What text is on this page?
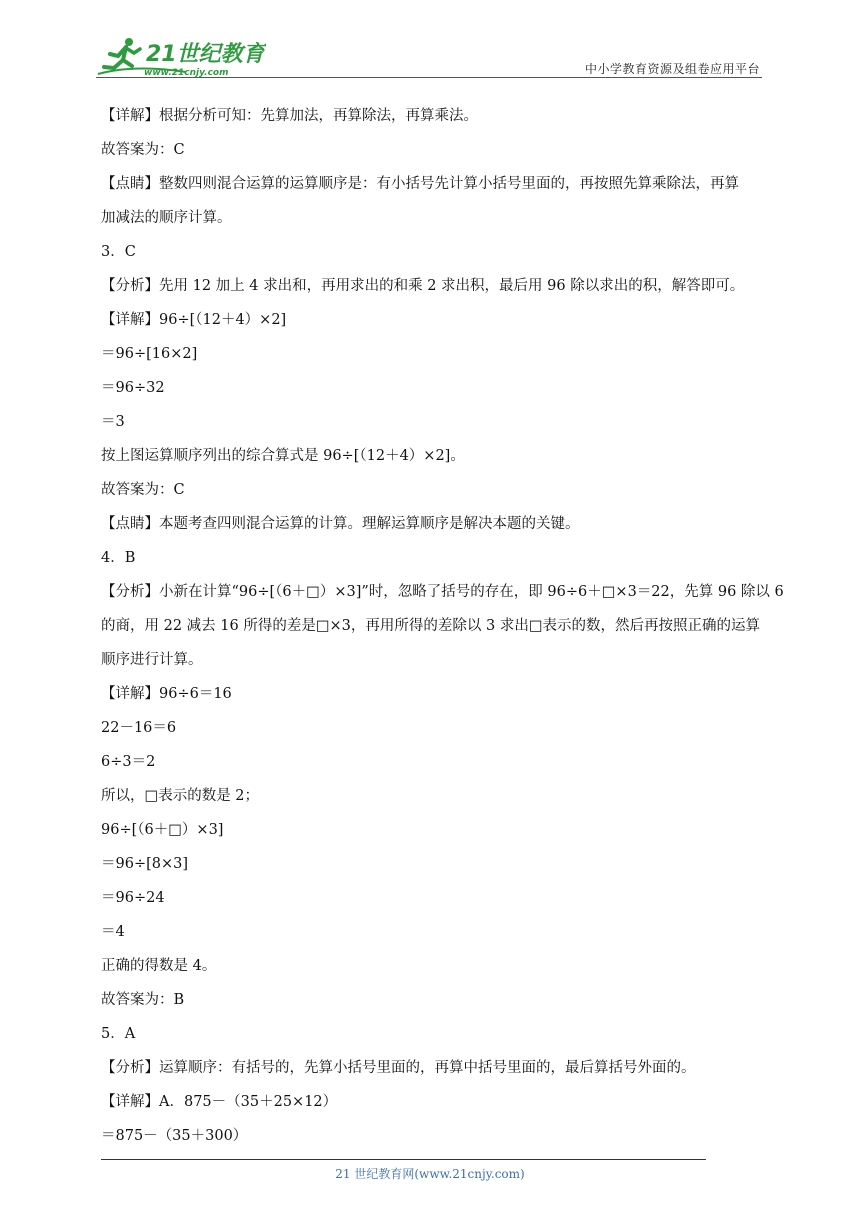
21世纪教育
www.21cnjy.com	中小学教育资源及组卷应用平台
【详解】根据分析可知：先算加法，再算除法，再算乘法。
故答案为：C
【点睛】整数四则混合运算的运算顺序是：有小括号先计算小括号里面的，再按照先算乘除法，再算
加减法的顺序计算。
3．C
【分析】先用 12 加上 4 求出和，再用求出的和乘 2 求出积，最后用 96 除以求出的积，解答即可。
【详解】96÷[（12＋4）×2]
＝96÷[16×2]
＝96÷32
＝3
按上图运算顺序列出的综合算式是 96÷[（12＋4）×2]。
故答案为：C
【点睛】本题考查四则混合运算的计算。理解运算顺序是解决本题的关键。
4．B
【分析】小新在计算“96÷[（6＋□）×3]”时，忽略了括号的存在，即 96÷6＋□×3＝22，先算 96 除以 6
的商，用 22 减去 16 所得的差是□×3，再用所得的差除以 3 求出□表示的数，然后再按照正确的运算
顺序进行计算。
【详解】96÷6＝16
22－16＝6
6÷3＝2
所以，□表示的数是 2；
96÷[（6＋□）×3]
＝96÷[8×3]
＝96÷24
＝4
正确的得数是 4。
故答案为：B
5．A
【分析】运算顺序：有括号的，先算小括号里面的，再算中括号里面的，最后算括号外面的。
【详解】A．875－（35＋25×12）
＝875－（35＋300）
21 世纪教育网(www.21cnjy.com)
